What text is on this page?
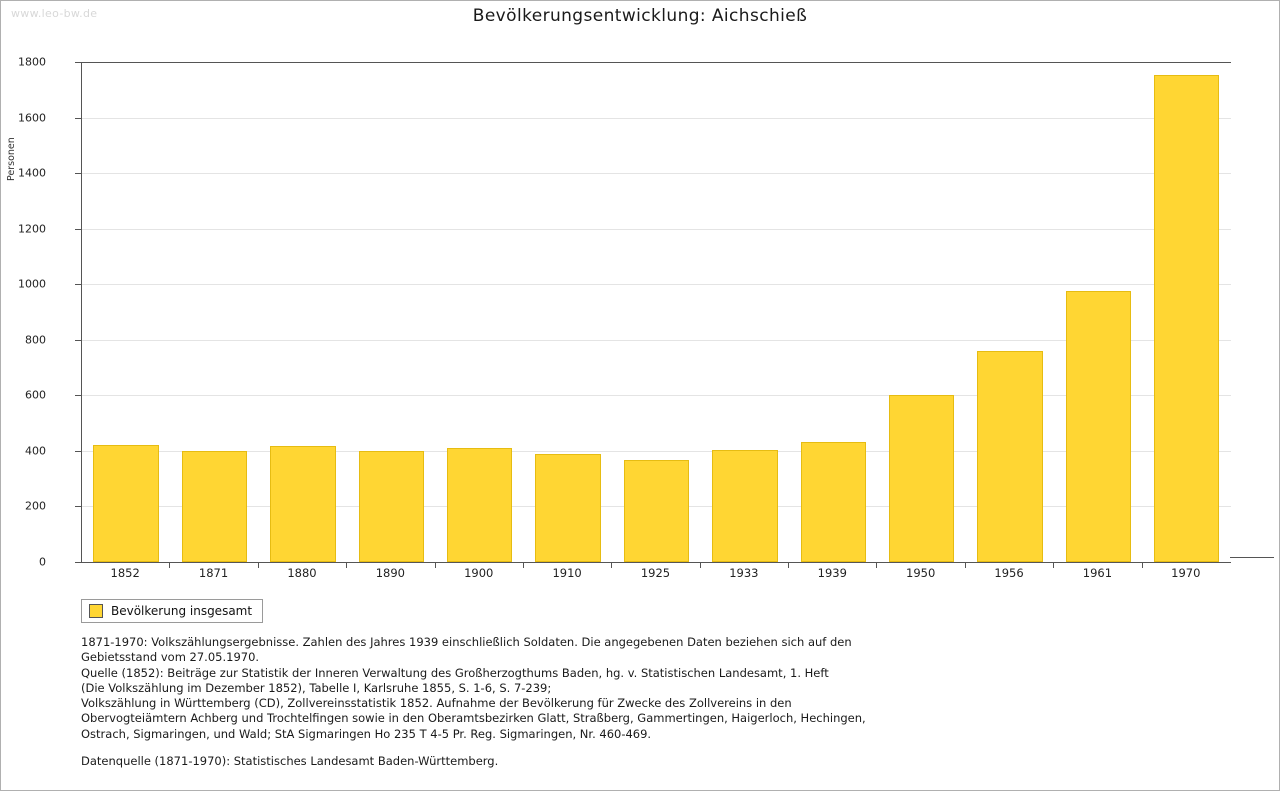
www.leo-bw.de	Bevölkerungsentwicklung: Aichschieß
Personen
0
200
400
600
800
1000
1200
1400
1600
1800
1852	1871	1880	1890	1900	1910	1925	1933	1939	1950	1956	1961	1970
Bevölkerung insgesamt

1871-1970: Volkszählungsergebnisse. Zahlen des Jahres 1939 einschließlich Soldaten. Die angegebenen Daten beziehen sich auf den

Gebietsstand vom 27.05.1970.

Quelle (1852): Beiträge zur Statistik der Inneren Verwaltung des Großherzogthums Baden, hg. v. Statistischen Landesamt, 1. Heft

(Die Volkszählung im Dezember 1852), Tabelle I, Karlsruhe 1855, S. 1-6, S. 7-239;

Volkszählung in Württemberg (CD), Zollvereinsstatistik 1852. Aufnahme der Bevölkerung für Zwecke des Zollvereins in den

Obervogteiämtern Achberg und Trochtelfingen sowie in den Oberamtsbezirken Glatt, Straßberg, Gammertingen, Haigerloch, Hechingen,

Ostrach, Sigmaringen, und Wald; StA Sigmaringen Ho 235 T 4-5 Pr. Reg. Sigmaringen, Nr. 460-469.

Datenquelle (1871-1970): Statistisches Landesamt Baden-Württemberg.
